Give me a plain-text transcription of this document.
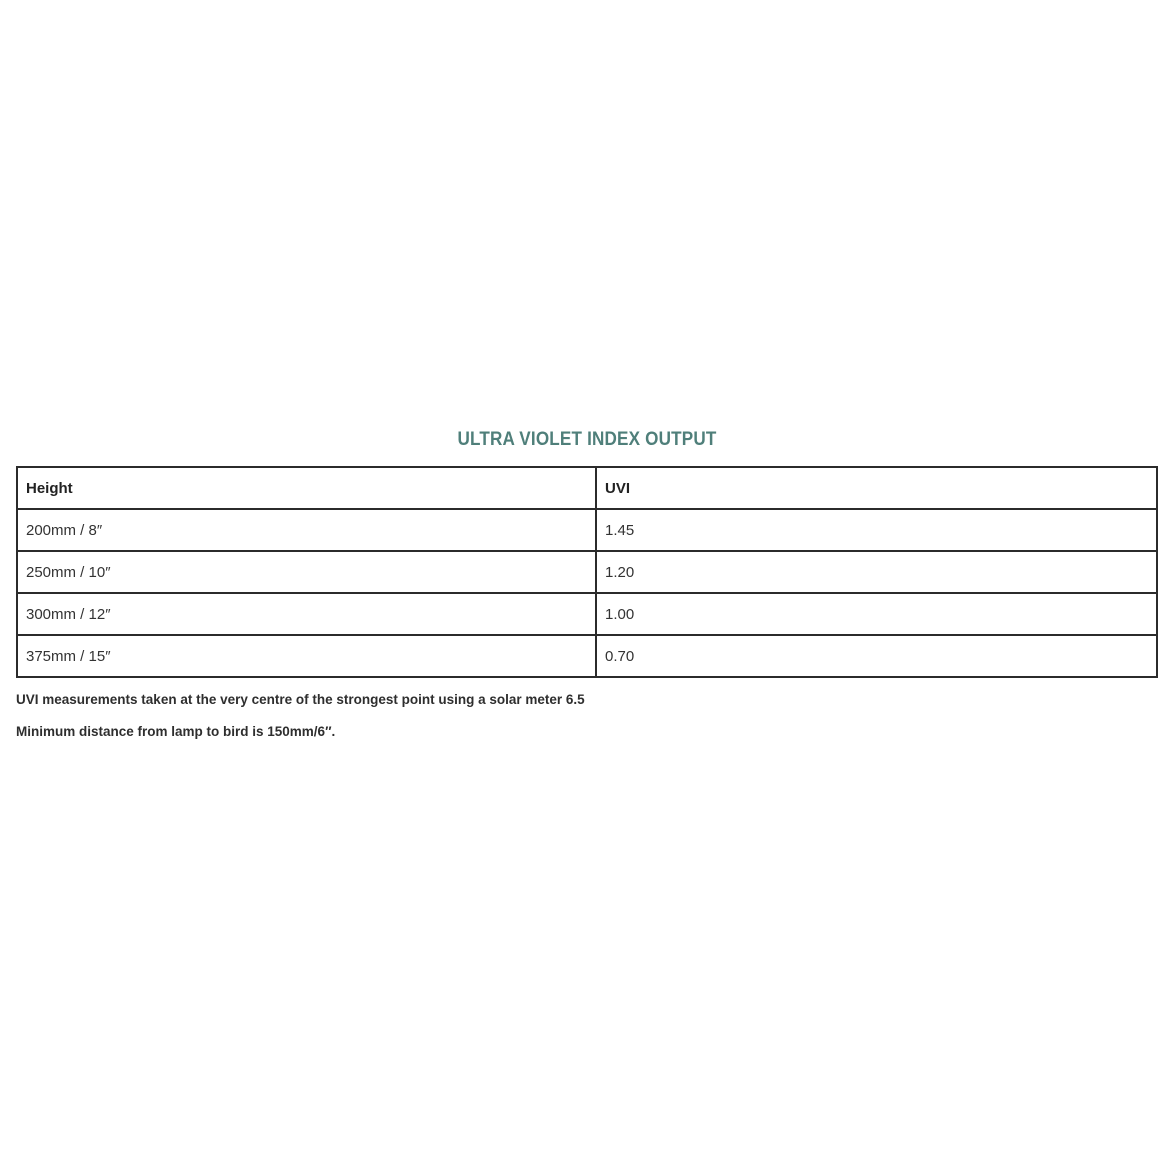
ULTRA VIOLET INDEX OUTPUT
Height	UVI
200mm / 8″	1.45
250mm / 10″	1.20
300mm / 12″	1.00
375mm / 15″	0.70
UVI measurements taken at the very centre of the strongest point using a solar meter 6.5
Minimum distance from lamp to bird is 150mm/6″.
